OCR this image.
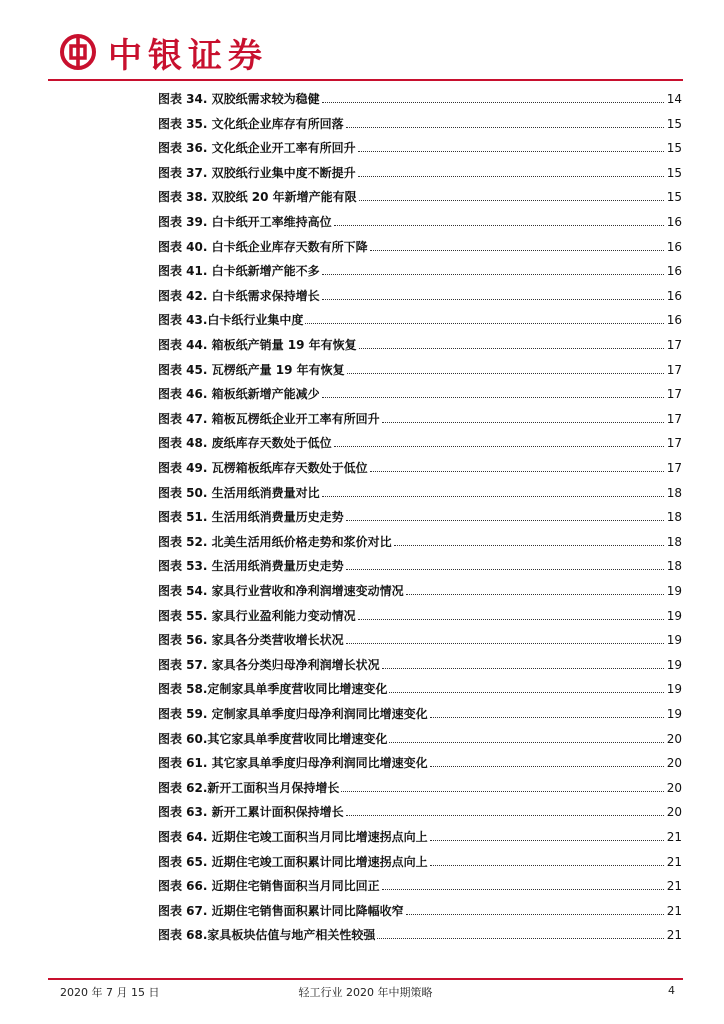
中银证券
图表 34. 双胶纸需求较为稳健	14
图表 35. 文化纸企业库存有所回落	15
图表 36. 文化纸企业开工率有所回升	15
图表 37. 双胶纸行业集中度不断提升	15
图表 38. 双胶纸 20 年新增产能有限	15
图表 39. 白卡纸开工率维持高位	16
图表 40. 白卡纸企业库存天数有所下降	16
图表 41. 白卡纸新增产能不多	16
图表 42. 白卡纸需求保持增长	16
图表 43.白卡纸行业集中度	16
图表 44. 箱板纸产销量 19 年有恢复	17
图表 45. 瓦楞纸产量 19 年有恢复	17
图表 46. 箱板纸新增产能减少	17
图表 47. 箱板瓦楞纸企业开工率有所回升	17
图表 48. 废纸库存天数处于低位	17
图表 49. 瓦楞箱板纸库存天数处于低位	17
图表 50. 生活用纸消费量对比	18
图表 51. 生活用纸消费量历史走势	18
图表 52. 北美生活用纸价格走势和浆价对比	18
图表 53. 生活用纸消费量历史走势	18
图表 54. 家具行业营收和净利润增速变动情况	19
图表 55. 家具行业盈利能力变动情况	19
图表 56. 家具各分类营收增长状况	19
图表 57. 家具各分类归母净利润增长状况	19
图表 58.定制家具单季度营收同比增速变化	19
图表 59. 定制家具单季度归母净利润同比增速变化	19
图表 60.其它家具单季度营收同比增速变化	20
图表 61. 其它家具单季度归母净利润同比增速变化	20
图表 62.新开工面积当月保持增长	20
图表 63. 新开工累计面积保持增长	20
图表 64. 近期住宅竣工面积当月同比增速拐点向上	21
图表 65. 近期住宅竣工面积累计同比增速拐点向上	21
图表 66. 近期住宅销售面积当月同比回正	21
图表 67. 近期住宅销售面积累计同比降幅收窄	21
图表 68.家具板块估值与地产相关性较强	21
2020 年 7 月 15 日	轻工行业 2020 年中期策略	4
